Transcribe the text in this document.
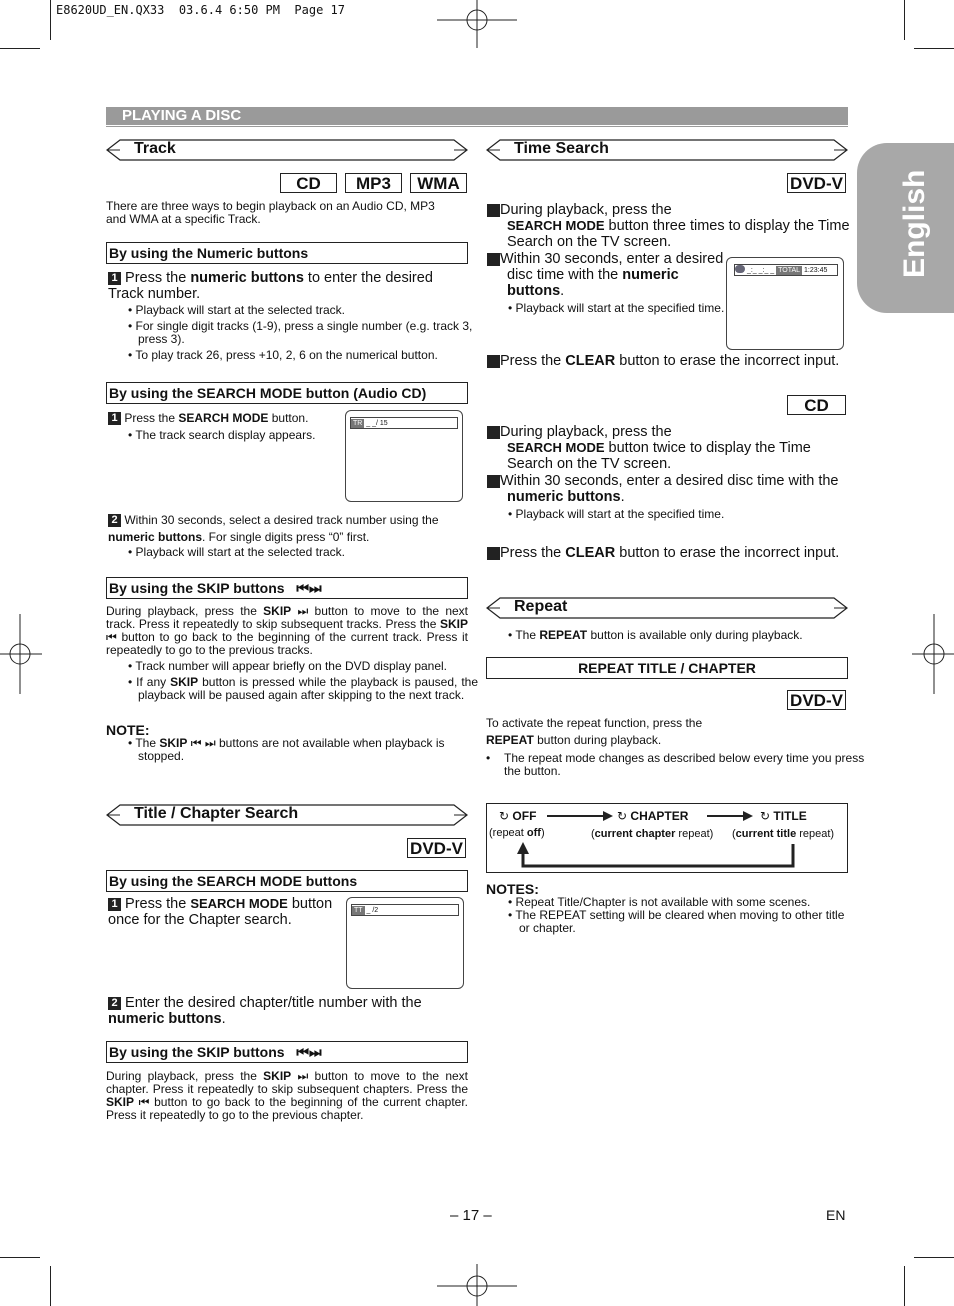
E8620UD_EN.QX33  03.6.4 6:50 PM  Page 17
PLAYING A DISC
English
Track
CD	MP3	WMA
There are three ways to begin playback on an Audio CD, MP3 and WMA at a specific Track.
By using the Numeric buttons
1 Press the numeric buttons to enter the desired Track number.
• Playback will start at the selected track.
• For single digit tracks (1-9), press a single number (e.g. track 3, press 3).
• To play track 26, press +10, 2, 6 on the numerical button.
By using the SEARCH MODE button (Audio CD)
1 Press the SEARCH MODE button.
• The track search display appears.
TR _ _/ 15
2 Within 30 seconds, select a desired track number using the numeric buttons. For single digits press “0” first.
• Playback will start at the selected track.
By using the SKIP buttons ⏮⏭
During playback, press the SKIP ⏭ button to move to the next track. Press it repeatedly to skip subsequent tracks. Press the SKIP ⏮ button to go back to the beginning of the current track. Press it repeatedly to go to the previous tracks.
• Track number will appear briefly on the DVD display panel.
• If any SKIP button is pressed while the playback is paused, the playback will be paused again after skipping to the next track.
NOTE:
• The SKIP ⏮ ⏭ buttons are not available when playback is stopped.
Title / Chapter Search
DVD-V
By using the SEARCH MODE buttons
1 Press the SEARCH MODE button once for the Chapter search.
TT _ /2
2 Enter the desired chapter/title number with the numeric buttons.
By using the SKIP buttons ⏮⏭
During playback, press the SKIP ⏭ button to move to the next chapter. Press it repeatedly to skip subsequent chapters. Press the SKIP ⏮ button to go back to the beginning of the current chapter. Press it repeatedly to go to the previous chapter.
Time Search
DVD-V
1 During playback, press the
SEARCH MODE button three times to display the Time Search on the TV screen.
2 Within 30 seconds, enter a desired disc time with the numeric buttons.
• Playback will start at the specified time.
_:_ _:_ _ TOTAL 1:23:45
3 Press the CLEAR button to erase the incorrect input.
CD
1 During playback, press the
SEARCH MODE button twice to display the Time Search on the TV screen.
2 Within 30 seconds, enter a desired disc time with the numeric buttons.
• Playback will start at the specified time.
3 Press the CLEAR button to erase the incorrect input.
Repeat
• The REPEAT button is available only during playback.
REPEAT TITLE / CHAPTER
DVD-V
To activate the repeat function, press the
REPEAT button during playback.
• The repeat mode changes as described below every time you press the button.
↻ OFF	↻ CHAPTER	↻ TITLE
(repeat off)	(current chapter repeat) (current title repeat)
NOTES:
• Repeat Title/Chapter is not available with some scenes.
• The REPEAT setting will be cleared when moving to other title or chapter.
– 17 –	EN
